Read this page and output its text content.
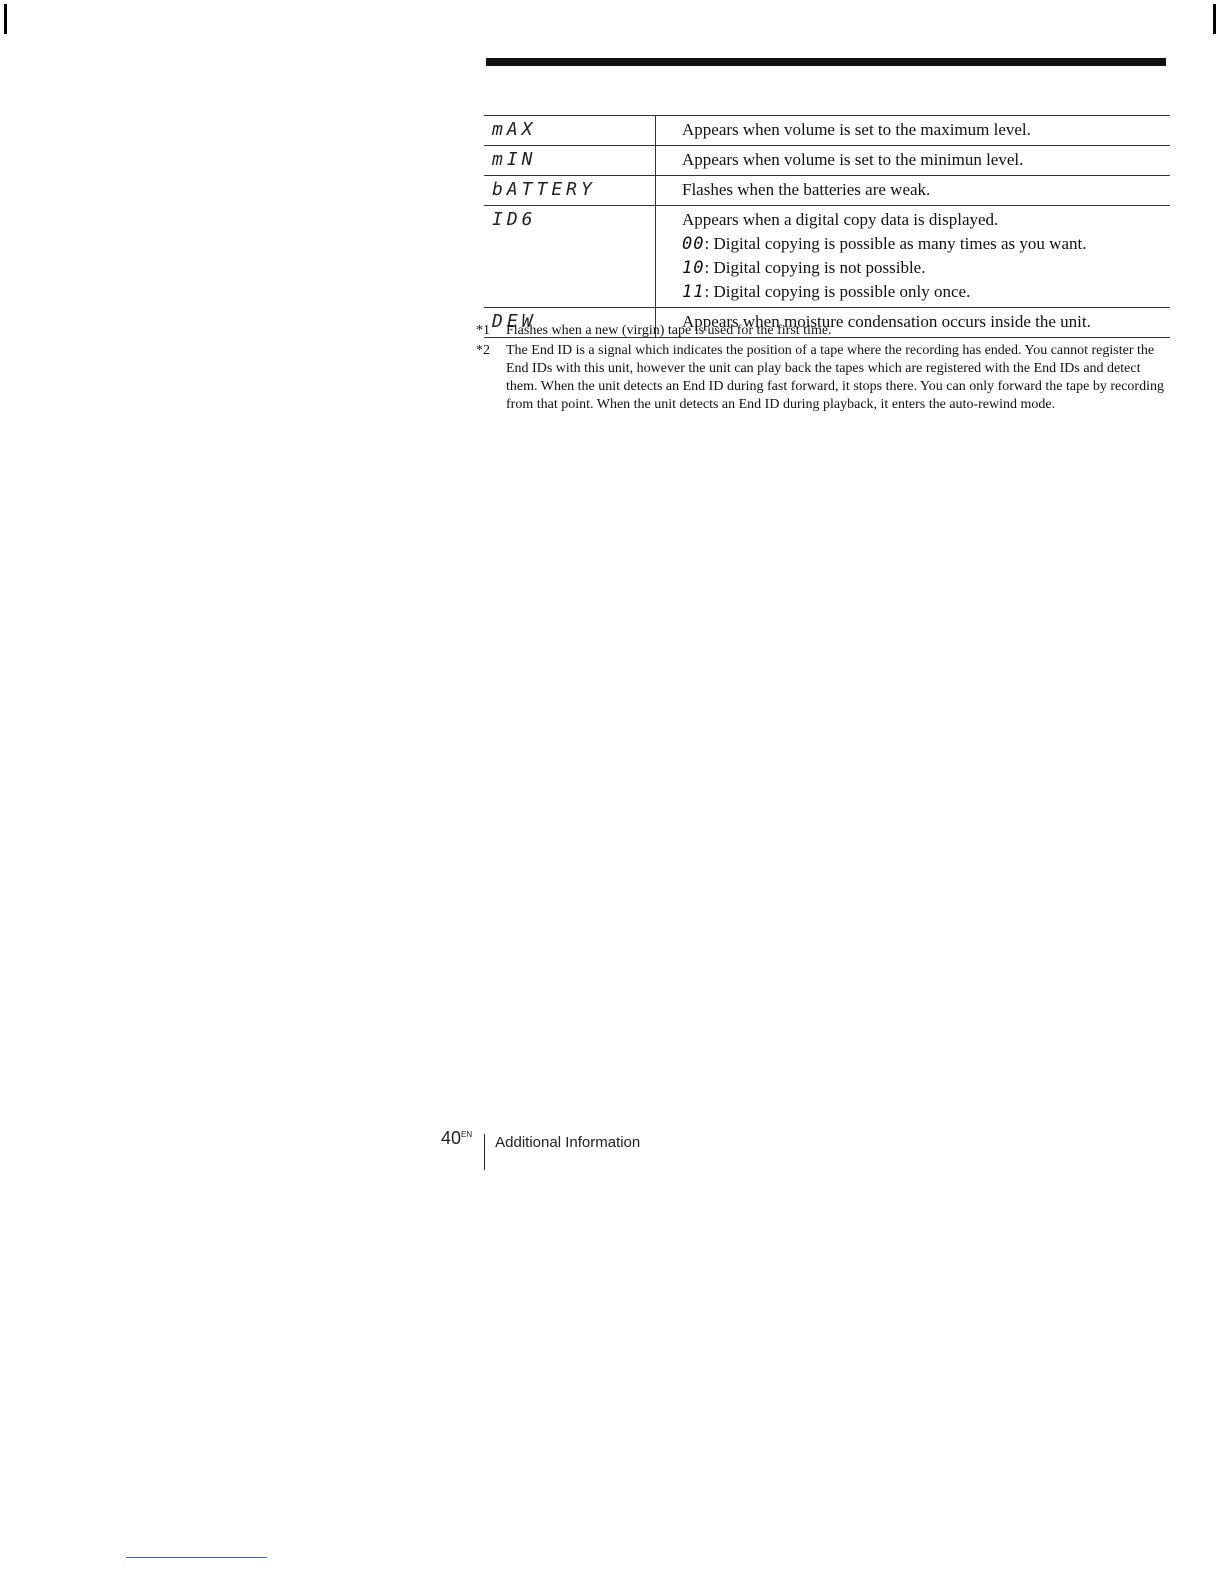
mAX	Appears when volume is set to the maximum level.
mIN	Appears when volume is set to the minimun level.
bATTERY	Flashes when the batteries are weak.
ID6	Appears when a digital copy data is displayed.
00: Digital copying is possible as many times as you want.
10: Digital copying is not possible.
11: Digital copying is possible only once.
DEW	Appears when moisture condensation occurs inside the unit.
*1	Flashes when a new (virgin) tape is used for the first time.
*2	The End ID is a signal which indicates the position of a tape where the recording has ended. You cannot register the End IDs with this unit, however the unit can play back the tapes which are registered with the End IDs and detect them. When the unit detects an End ID during fast forward, it stops there. You can only forward the tape by recording from that point. When the unit detects an End ID during playback, it enters the auto-rewind mode.
$40^{EN}$ Additional Information
